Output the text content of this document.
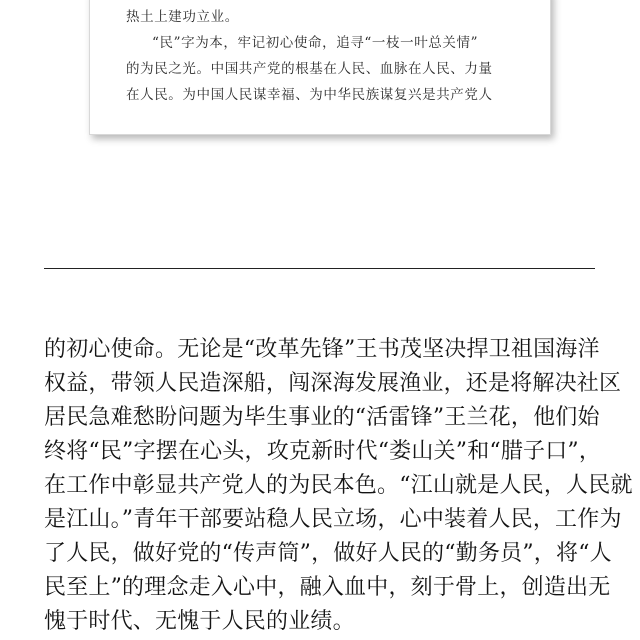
热土上建功立业。

“民”字为本，牢记初心使命，追寻“一枝一叶总关情”

的为民之光。中国共产党的根基在人民、血脉在人民、力量

在人民。为中国人民谋幸福、为中华民族谋复兴是共产党人

的初心使命。无论是“改革先锋”王书茂坚决捍卫祖国海洋

权益，带领人民造深船，闯深海发展渔业，还是将解决社区

居民急难愁盼问题为毕生事业的“活雷锋”王兰花，他们始

终将“民”字摆在心头，攻克新时代“娄山关”和“腊子口”，

在工作中彰显共产党人的为民本色。“江山就是人民，人民就

是江山。”青年干部要站稳人民立场，心中装着人民，工作为

了人民，做好党的“传声筒”，做好人民的“勤务员”，将“人

民至上”的理念走入心中，融入血中，刻于骨上，创造出无

愧于时代、无愧于人民的业绩。
